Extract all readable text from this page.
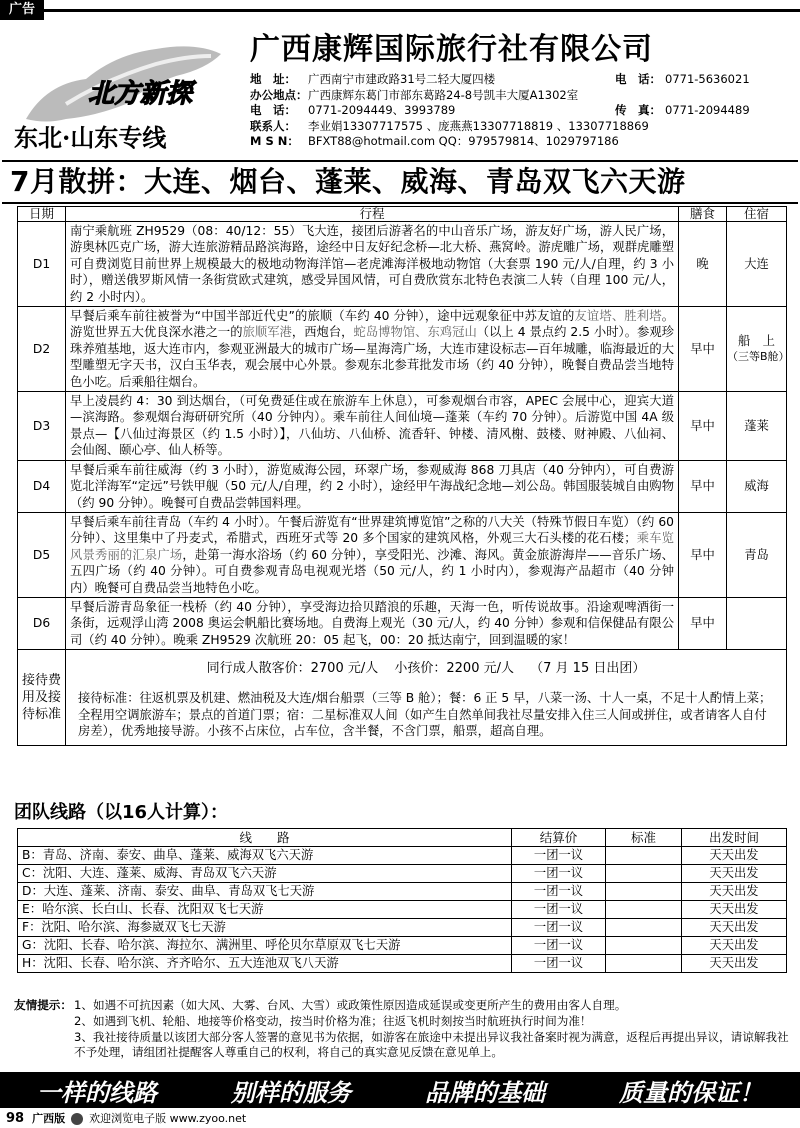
广告
北方新探
东北·山东专线
广西康辉国际旅行社有限公司
地　址：	广西南宁市建政路31号二轻大厦四楼	电　话： 0771-5636021
办公地点： 广西康辉东葛门市部东葛路24-8号凯丰大厦A1302室
电　话：	0771-2094449、3993789	传　真： 0771-2094489
联系人：	李业娟13307717575 、庞燕燕13307718819 、13307718869
M S N： BFXT88@hotmail.com QQ：979579814、1029797186
7月散拼：大连、烟台、蓬莱、威海、青岛双飞六天游
日期	行程	膳食	住宿
D1	南宁乘航班 ZH9529（08：40/12：55）飞大连，接团后游著名的中山音乐广场，游友好广场，游人民广场，游奥林匹克广场，游大连旅游精品路滨海路，途经中日友好纪念桥—北大桥、燕窝岭。游虎雕广场，观群虎雕塑可自费浏览目前世界上规模最大的极地动物海洋馆—老虎滩海洋极地动物馆（大套票 190 元/人/自理，约 3 小时），赠送俄罗斯风情一条街赏欧式建筑，感受异国风情，可自费欣赏东北特色表演二人转（自理 100 元/人，约 2 小时内）。	晚	大连
D2	早餐后乘车前往被誉为“中国半部近代史”的旅顺（车约 40 分钟），途中远观象征中苏友谊的友谊塔、胜利塔。游览世界五大优良深水港之一的旅顺军港，西炮台，蛇岛博物馆、东鸡冠山（以上 4 景点约 2.5 小时）。参观珍珠养殖基地，返大连市内，参观亚洲最大的城市广场—星海湾广场，大连市建设标志—百年城雕，临海最近的大型雕塑无字天书，汉白玉华表，观会展中心外景。参观东北参茸批发市场（约 40 分钟），晚餐自费品尝当地特色小吃。后乘船往烟台。	早中	船　上
（三等B舱）

D3	早上凌晨约 4：30 到达烟台，（可免费延住或在旅游车上休息），可参观烟台市容，APEC 会展中心，迎宾大道—滨海路。参观烟台海研研究所（40 分钟内）。乘车前往人间仙境—蓬莱（车约 70 分钟）。后游览中国 4A 级景点—【八仙过海景区（约 1.5 小时）】，八仙坊、八仙桥、流香轩、钟楼、清风榭、鼓楼、财神殿、八仙祠、会仙阁、颐心亭、仙人桥等。	早中	蓬莱
D4	早餐后乘车前往威海（约 3 小时），游览威海公园，环翠广场，参观威海 868 刀具店（40 分钟内），可自费游览北洋海军“定远”号铁甲舰（50 元/人/自理，约 2 小时），途经甲午海战纪念地—刘公岛。韩国服装城自由购物（约 90 分钟）。晚餐可自费品尝韩国料理。	早中	威海
D5	早餐后乘车前往青岛（车约 4 小时）。午餐后游览有“世界建筑博览馆”之称的八大关（特殊节假日车览）（约 60 分钟）、这里集中了丹麦式，希腊式，西班牙式等 20 多个国家的建筑风格，外观三大石头楼的花石楼；乘车览风景秀丽的汇泉广场，赴第一海水浴场（约 60 分钟），享受阳光、沙滩、海风。黄金旅游海岸——音乐广场、五四广场（约 40 分钟）。可自费参观青岛电视观光塔（50 元/人，约 1 小时内），参观海产品超市（40 分钟内）晚餐可自费品尝当地特色小吃。	早中	青岛
D6	早餐后游青岛象征一栈桥（约 40 分钟），享受海边拾贝踏浪的乐趣，天海一色，听传说故事。沿途观啤酒街一条街，远观浮山湾 2008 奥运会帆船比赛场地。自费海上观光（30 元/人，约 40 分钟）参观和信保健品有限公司（约 40 分钟）。晚乘 ZH9529 次航班 20：05 起飞，00：20 抵达南宁，回到温暖的家！	早中	
接待费用及接待标准	同行成人散客价：2700 元/人 小孩价：2200 元/人 （7 月 15 日出团）
接待标准：往返机票及机建、燃油税及大连/烟台船票（三等 B 舱）；餐：6 正 5 早，八菜一汤、十人一桌，不足十人酌情上菜；全程用空调旅游车；景点的首道门票；宿：二星标准双人间（如产生自然单间我社尽量安排入住三人间或拼住，或者请客人自付房差），优秀地接导游。小孩不占床位，占车位，含半餐，不含门票，船票，超高自理。		
团队线路（以16人计算）：
线　　路	结算价	标准	出发时间
B：青岛、济南、泰安、曲阜、蓬莱、威海双飞六天游	一团一议		天天出发
C：沈阳、大连、蓬莱、威海、青岛双飞六天游	一团一议		天天出发
D：大连、蓬莱、济南、泰安、曲阜、青岛双飞七天游	一团一议		天天出发
E：哈尔滨、长白山、长春、沈阳双飞七天游	一团一议		天天出发
F：沈阳、哈尔滨、海参崴双飞七天游	一团一议		天天出发
G：沈阳、长春、哈尔滨、海拉尔、满洲里、呼伦贝尔草原双飞七天游	一团一议		天天出发
H：沈阳、长春、哈尔滨、齐齐哈尔、五大连池双飞八天游	一团一议		天天出发
友情提示： 1、如遇不可抗因素（如大风、大雾、台风、大雪）或政策性原因造成延误或变更所产生的费用由客人自理。
2、如遇到飞机、轮船、地接等价格变动，按当时价格为准；往返飞机时刻按当时航班执行时间为准！
3、我社接待质量以该团大部分客人签署的意见书为依据，如游客在旅途中未提出异议我社备案时视为满意，返程后再提出异议，请谅解我社不予处理，请组团社提醒客人尊重自己的权利，将自己的真实意见反馈在意见单上。
一样的线路	别样的服务	品牌的基础	质量的保证！
98 广西版 欢迎浏览电子版 www.zyoo.net
